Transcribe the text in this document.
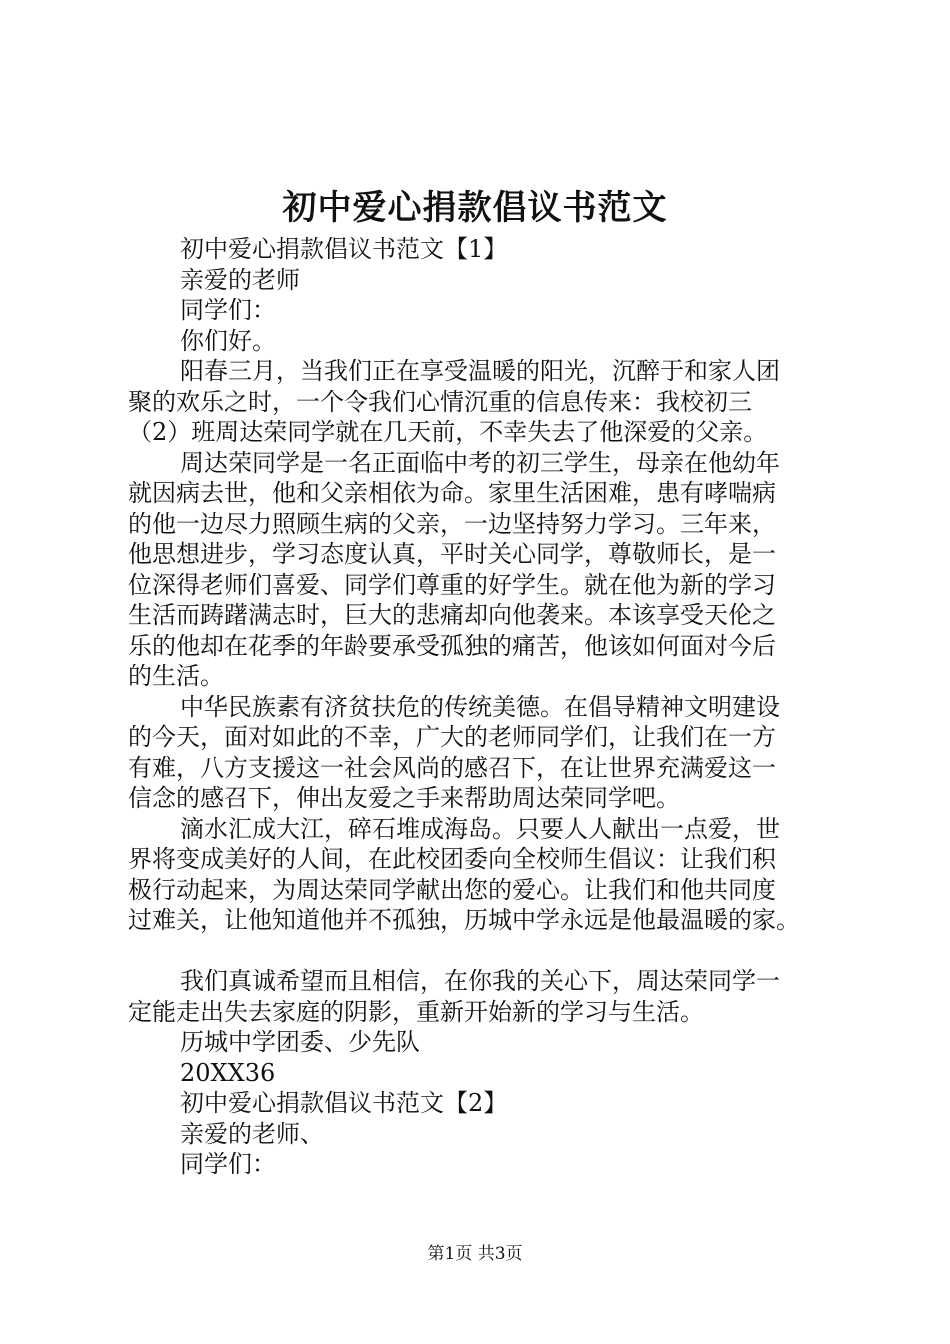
初中爱心捐款倡议书范文
初中爱心捐款倡议书范文【1】
亲爱的老师
同学们：
你们好。
阳春三月，当我们正在享受温暖的阳光，沉醉于和家人团
聚的欢乐之时，一个令我们心情沉重的信息传来：我校初三
（2）班周达荣同学就在几天前，不幸失去了他深爱的父亲。
周达荣同学是一名正面临中考的初三学生，母亲在他幼年
就因病去世，他和父亲相依为命。家里生活困难，患有哮喘病
的他一边尽力照顾生病的父亲，一边坚持努力学习。三年来，
他思想进步，学习态度认真，平时关心同学，尊敬师长，是一
位深得老师们喜爱、同学们尊重的好学生。就在他为新的学习
生活而踌躇满志时，巨大的悲痛却向他袭来。本该享受天伦之
乐的他却在花季的年龄要承受孤独的痛苦，他该如何面对今后
的生活。
中华民族素有济贫扶危的传统美德。在倡导精神文明建设
的今天，面对如此的不幸，广大的老师同学们，让我们在一方
有难，八方支援这一社会风尚的感召下，在让世界充满爱这一
信念的感召下，伸出友爱之手来帮助周达荣同学吧。
滴水汇成大江，碎石堆成海岛。只要人人献出一点爱，世
界将变成美好的人间，在此校团委向全校师生倡议：让我们积
极行动起来，为周达荣同学献出您的爱心。让我们和他共同度
过难关，让他知道他并不孤独，历城中学永远是他最温暖的家。
我们真诚希望而且相信，在你我的关心下，周达荣同学一
定能走出失去家庭的阴影，重新开始新的学习与生活。
历城中学团委、少先队
20XX36
初中爱心捐款倡议书范文【2】
亲爱的老师、
同学们：
第1页 共3页
